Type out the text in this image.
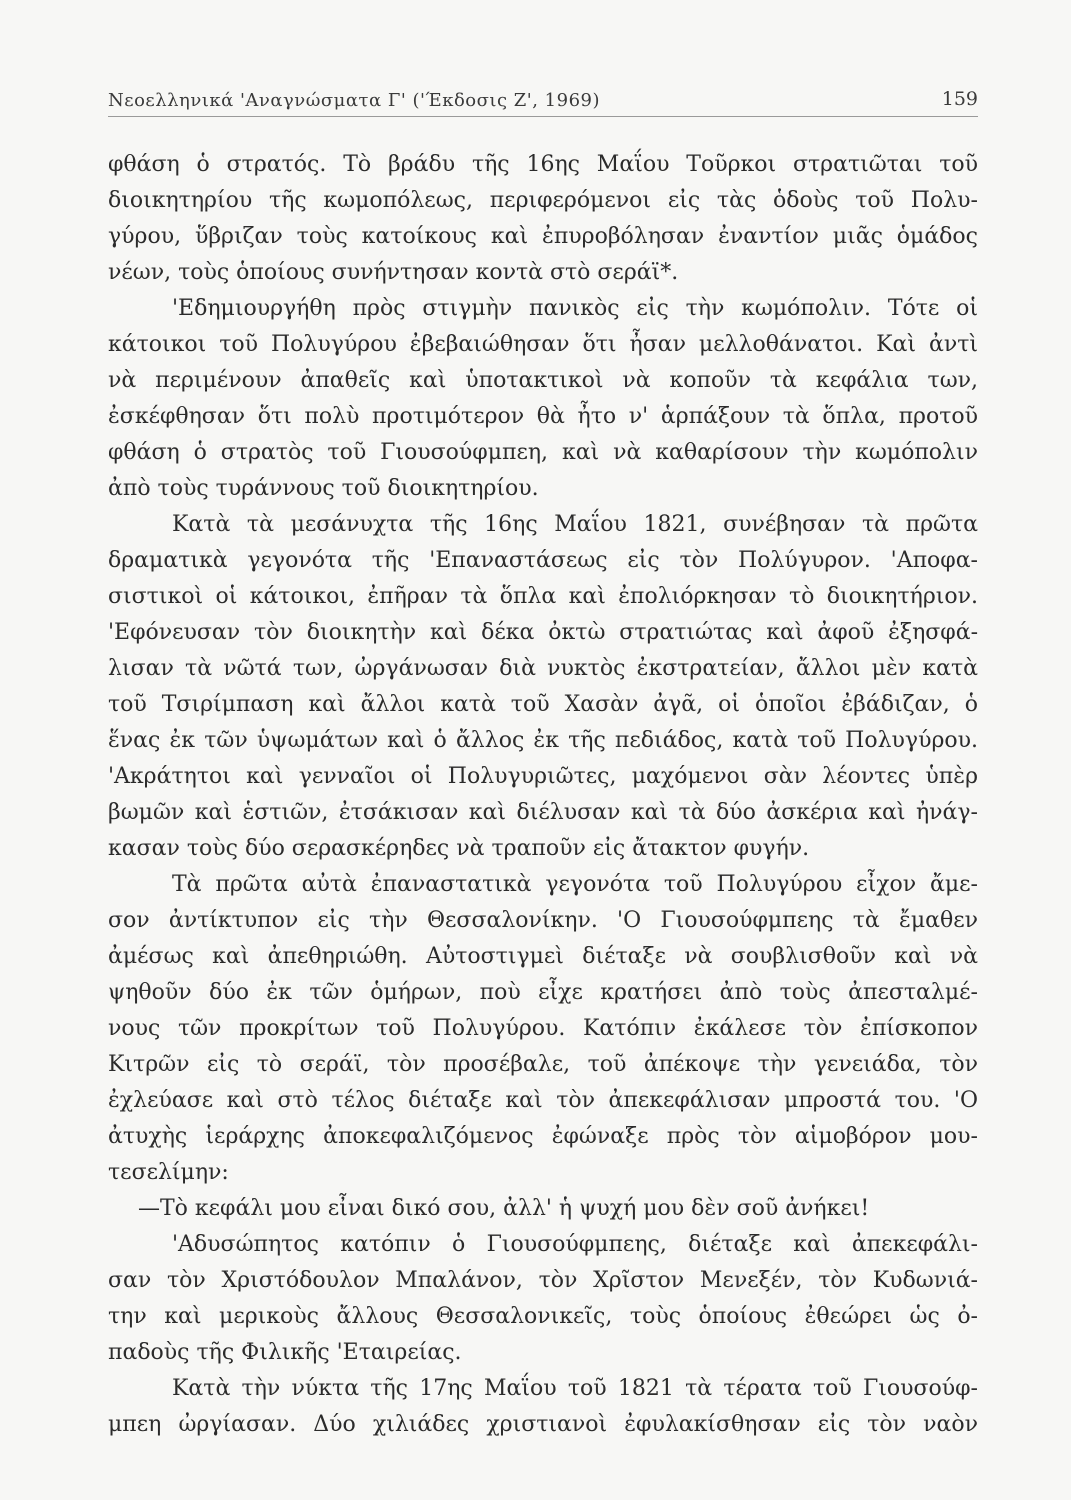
Νεοελληνικά 'Αναγνώσματα Γ' ('Έκδοσις Ζ', 1969)	159
φθάση ὁ στρατός. Τὸ βράδυ τῆς 16ης Μαΐου Τοῦρκοι στρατιῶται τοῦ
διοικητηρίου τῆς κωμοπόλεως, περιφερόμενοι εἰς τὰς ὁδοὺς τοῦ Πολυ-
γύρου, ὕβριζαν τοὺς κατοίκους καὶ ἐπυροβόλησαν ἐναντίον μιᾶς ὁμάδος
νέων, τοὺς ὁποίους συνήντησαν κοντὰ στὸ σεράϊ*.
'Εδημιουργήθη πρὸς στιγμὴν πανικὸς εἰς τὴν κωμόπολιν. Τότε οἱ
κάτοικοι τοῦ Πολυγύρου ἐβεβαιώθησαν ὅτι ἦσαν μελλοθάνατοι. Καὶ ἀντὶ
νὰ περιμένουν ἀπαθεῖς καὶ ὑποτακτικοὶ νὰ κοποῦν τὰ κεφάλια των,
ἐσκέφθησαν ὅτι πολὺ προτιμότερον θὰ ἦτο ν' ἁρπάξουν τὰ ὅπλα, προτοῦ
φθάση ὁ στρατὸς τοῦ Γιουσούφμπεη, καὶ νὰ καθαρίσουν τὴν κωμόπολιν
ἀπὸ τοὺς τυράννους τοῦ διοικητηρίου.
Κατὰ τὰ μεσάνυχτα τῆς 16ης Μαΐου 1821, συνέβησαν τὰ πρῶτα
δραματικὰ γεγονότα τῆς 'Επαναστάσεως εἰς τὸν Πολύγυρον. 'Αποφα-
σιστικοὶ οἱ κάτοικοι, ἐπῆραν τὰ ὅπλα καὶ ἐπολιόρκησαν τὸ διοικητήριον.
'Εφόνευσαν τὸν διοικητὴν καὶ δέκα ὀκτὼ στρατιώτας καὶ ἀφοῦ ἐξησφά-
λισαν τὰ νῶτά των, ὠργάνωσαν διὰ νυκτὸς ἐκστρατείαν, ἄλλοι μὲν κατὰ
τοῦ Τσιρίμπαση καὶ ἄλλοι κατὰ τοῦ Χασὰν ἀγᾶ, οἱ ὁποῖοι ἐβάδιζαν, ὁ
ἕνας ἐκ τῶν ὑψωμάτων καὶ ὁ ἄλλος ἐκ τῆς πεδιάδος, κατὰ τοῦ Πολυγύρου.
'Ακράτητοι καὶ γενναῖοι οἱ Πολυγυριῶτες, μαχόμενοι σὰν λέοντες ὑπὲρ
βωμῶν καὶ ἑστιῶν, ἐτσάκισαν καὶ διέλυσαν καὶ τὰ δύο ἀσκέρια καὶ ἠνάγ-
κασαν τοὺς δύο σερασκέρηδες νὰ τραποῦν εἰς ἄτακτον φυγήν.
Τὰ πρῶτα αὐτὰ ἐπαναστατικὰ γεγονότα τοῦ Πολυγύρου εἶχον ἄμε-
σον ἀντίκτυπον εἰς τὴν Θεσσαλονίκην. 'Ο Γιουσούφμπεης τὰ ἔμαθεν
ἀμέσως καὶ ἀπεθηριώθη. Αὐτοστιγμεὶ διέταξε νὰ σουβλισθοῦν καὶ νὰ
ψηθοῦν δύο ἐκ τῶν ὁμήρων, ποὺ εἶχε κρατήσει ἀπὸ τοὺς ἀπεσταλμέ-
νους τῶν προκρίτων τοῦ Πολυγύρου. Κατόπιν ἐκάλεσε τὸν ἐπίσκοπον
Κιτρῶν εἰς τὸ σεράϊ, τὸν προσέβαλε, τοῦ ἀπέκοψε τὴν γενειάδα, τὸν
ἐχλεύασε καὶ στὸ τέλος διέταξε καὶ τὸν ἀπεκεφάλισαν μπροστά του. 'Ο
ἀτυχὴς ἱεράρχης ἀποκεφαλιζόμενος ἐφώναξε πρὸς τὸν αἱμοβόρον μου-
τεσελίμην:
—Τὸ κεφάλι μου εἶναι δικό σου, ἀλλ' ἡ ψυχή μου δὲν σοῦ ἀνήκει!
'Αδυσώπητος κατόπιν ὁ Γιουσούφμπεης, διέταξε καὶ ἀπεκεφάλι-
σαν τὸν Χριστόδουλον Μπαλάνον, τὸν Χρῖστον Μενεξέν, τὸν Κυδωνιά-
την καὶ μερικοὺς ἄλλους Θεσσαλονικεῖς, τοὺς ὁποίους ἐθεώρει ὡς ὀ-
παδοὺς τῆς Φιλικῆς 'Εταιρείας.
Κατὰ τὴν νύκτα τῆς 17ης Μαΐου τοῦ 1821 τὰ τέρατα τοῦ Γιουσούφ-
μπεη ὠργίασαν. Δύο χιλιάδες χριστιανοὶ ἐφυλακίσθησαν εἰς τὸν ναὸν
